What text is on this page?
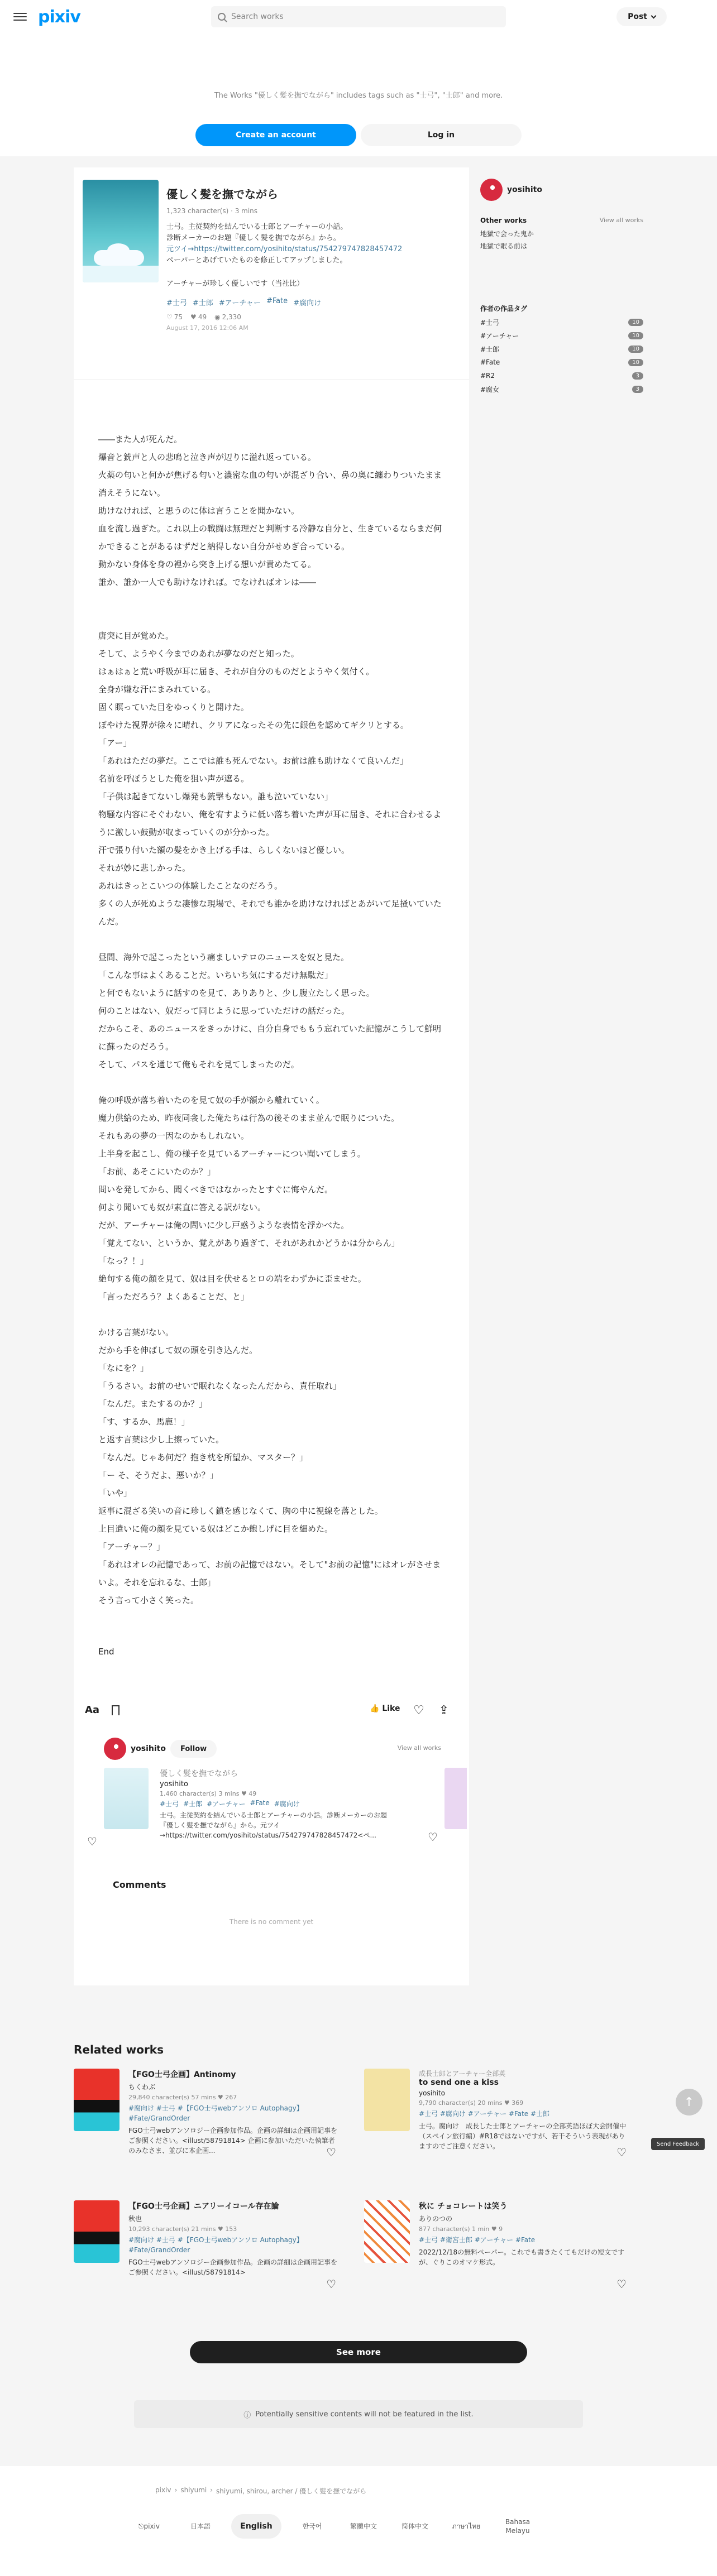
pixiv	Search works	Post
The Works "優しく髪を撫でながら" includes tags such as "士弓", "士郎" and more.
Create an account	Log in
優しく髪を撫でながら
1,323 character(s) · 3 mins
士弓。主従契約を結んでいる士郎とアーチャーの小話。
診断メーカーのお題『優しく髪を撫でながら』から。
元ツイ→https://twitter.com/yosihito/status/754279747828457472
ペーパーとあげていたものを修正してアップしました。
アーチャーが珍しく優しいです（当社比）
#士弓 #士郎 #アーチャー #Fate #腐向け
♡ 75 ♥ 49 ◉ 2,330
August 17, 2016 12:06 AM

――また人が死んだ。

爆音と銃声と人の悲鳴と泣き声が辺りに溢れ返っている。

火薬の匂いと何かが焦げる匂いと濃密な血の匂いが混ざり合い、鼻の奥に纏わりついたまま消えそうにない。

助けなければ、と思うのに体は言うことを聞かない。

血を流し過ぎた。これ以上の戦闘は無理だと判断する冷静な自分と、生きているならまだ何かできることがあるはずだと納得しない自分がせめぎ合っている。

動かない身体を身の裡から突き上げる想いが責めたてる。

誰か、誰か一人でも助けなければ。でなければオレは――

唐突に目が覚めた。

そして、ようやく今までのあれが夢なのだと知った。

はぁはぁと荒い呼吸が耳に届き、それが自分のものだとようやく気付く。

全身が嫌な汗にまみれている。

固く瞑っていた目をゆっくりと開けた。

ぼやけた視界が徐々に晴れ、クリアになったその先に銀色を認めてギクリとする。

「アー」

「あれはただの夢だ。ここでは誰も死んでない。お前は誰も助けなくて良いんだ」

名前を呼ぼうとした俺を狙い声が遮る。

「子供は起きてないし爆発も銃撃もない。誰も泣いていない」

物騒な内容にそぐわない、俺を宥すように低い落ち着いた声が耳に届き、それに合わせるように激しい鼓動が収まっていくのが分かった。

汗で張り付いた額の髪をかき上げる手は、らしくないほど優しい。

それが妙に悲しかった。

あれはきっとこいつの体験したことなのだろう。

多くの人が死ぬような凄惨な現場で、それでも誰かを助けなければとあがいて足掻いていたんだ。

昼間、海外で起こったという痛ましいテロのニュースを奴と見た。

「こんな事はよくあることだ。いちいち気にするだけ無駄だ」

と何でもないように話すのを見て、ありありと、少し腹立たしく思った。

何のことはない、奴だって同じように思っていただけの話だった。

だからこそ、あのニュースをきっかけに、自分自身でももう忘れていた記憶がこうして鮮明に蘇ったのだろう。

そして、パスを通じて俺もそれを見てしまったのだ。

俺の呼吸が落ち着いたのを見て奴の手が額から離れていく。

魔力供給のため、昨夜同衾した俺たちは行為の後そのまま並んで眠りについた。

それもあの夢の一因なのかもしれない。

上半身を起こし、俺の様子を見ているアーチャーについ聞いてしまう。

「お前、あそこにいたのか？」

問いを発してから、聞くべきではなかったとすぐに悔やんだ。

何より聞いても奴が素直に答える訳がない。

だが、アーチャーは俺の問いに少し戸惑うような表情を浮かべた。

「覚えてない、というか、覚えがあり過ぎて、それがあれかどうかは分からん」

「なっ？！」

絶句する俺の顔を見て、奴は目を伏せるとロの端をわずかに歪ませた。

「言っただろう？よくあることだ、と」

かける言葉がない。

だから手を伸ばして奴の頭を引き込んだ。

「なにを？」

「うるさい。お前のせいで眠れなくなったんだから、責任取れ」

「なんだ。またするのか？」

「す、するか、馬鹿！」

と返す言葉は少し上擦っていた。

「なんだ。じゃあ何だ？抱き枕を所望か、マスター？」

「ー そ、そうだよ、悪いか？」

「いや」

返事に混ざる笑いの音に珍しく鎮を感じなくて、胸の中に視線を落とした。

上目遣いに俺の顔を見ている奴はどこか飽しげに目を細めた。

「アーチャー？」

「あれはオレの記憶であって、お前の記憶ではない。そして"お前の記憶"にはオレがさせまいよ。それを忘れるな、士郎」

そう言って小さく笑った。

End
Aa	👍 Like ♡ ⇪
yosihito	Follow	View all works
優しく髪を撫でながら
yosihito
1,460 character(s) 3 mins ♥ 49
#士弓 #士郎 #アーチャー #Fate #腐向け
士弓。主従契約を結んでいる士郎とアーチャーの小話。診断メーカーのお題『優しく髪を撫でながら』から。元ツイ→https://twitter.com/yosihito/status/754279747828457472<ペ...
♡	♡
Comments
There is no comment yet
yosihito
Other works	View all works
地獄で会った鬼か
地獄で眠る前は
作者の作品タグ
#士弓	10
#アーチャー	10
#士郎	10
#Fate	10
#R2	3
#腐女	3
Related works
【FGO士弓企画】Antinomy
ちくわぶ
29,840 character(s) 57 mins ♥ 267
#腐向け #士弓 #【FGO士弓webアンソロ Autophagy】 #Fate/GrandOrder
FGO士弓webアンソロジー企画参加作品。企画の詳細は企画用記事をご参照ください。<illust/58791814> 企画に参加いただいた執筆者のみなさま、並びに本企画...	♡
成長士郎とアーチャー全部英
to send one a kiss
yosihito
9,790 character(s) 20 mins ♥ 369
#士弓 #腐向け #アーチャー #Fate #士郎
士弓。腐向け　成長した士郎とアーチャーの全部英語ほぼ大会開催中（スペイン旅行編）#R18ではないですが、若干そういう表現がありますのでご注意ください。	♡
【FGO士弓企画】ニアリーイコール存在論
秋也
10,293 character(s) 21 mins ♥ 153
#腐向け #士弓 #【FGO士弓webアンソロ Autophagy】 #Fate/GrandOrder
FGO士弓webアンソロジー企画参加作品。企画の詳細は企画用記事をご参照ください。<illust/58791814>
♡
秋に チョコレートは笑う
ありのつの
877 character(s) 1 min ♥ 9
#士弓 #衛宮士郎 #アーチャー #Fate
2022/12/18の無料ペーパー。これでも書きたくてもだけの短文ですが、ぐりこのオマケ形式。
♡
See more
ⓘ Potentially sensitive contents will not be featured in the list.
↑
Send Feedback
pixiv › shiyumi › shiyumi, shirou, archer / 優しく髪を撫でながら
⎋ pixiv	日本語	English	한국어	繁體中文	简体中文	ภาษาไทย
Bahasa Melayu
